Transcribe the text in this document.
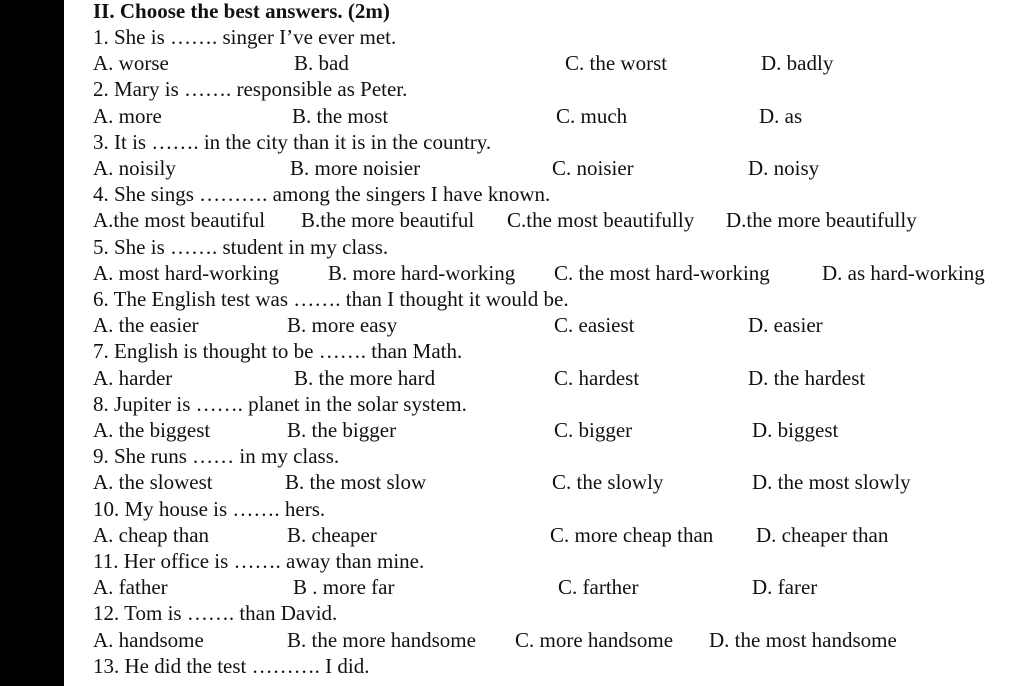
II. Choose the best answers. (2m)
1. She is ……. singer I’ve ever met.
A. worse	B. bad	C. the worst	D. badly
2. Mary is ……. responsible as Peter.
A. more	B. the most	C. much	D. as
3. It is ……. in the city than it is in the country.
A. noisily	B. more noisier	C. noisier	D. noisy
4. She sings ………. among the singers I have known.
A.the most beautiful B.the more beautiful C.the most beautifully D.the more beautifully
5. She is ……. student in my class.
A. most hard-working B. more hard-working C. the most hard-working D. as hard-working
6. The English test was ……. than I thought it would be.
A. the easier	B. more easy	C. easiest	D. easier
7. English is thought to be ……. than Math.
A. harder	B. the more hard	C. hardest	D. the hardest
8. Jupiter is ……. planet in the solar system.
A. the biggest	B. the bigger	C. bigger	D. biggest
9. She runs …… in my class.
A. the slowest	B. the most slow	C. the slowly	D. the most slowly
10. My house is ……. hers.
A. cheap than	B. cheaper	C. more cheap than D. cheaper than
11. Her office is ……. away than mine.
A. father	B . more far	C. farther	D. farer
12. Tom is ……. than David.
A. handsome	B. the more handsome C. more handsome D. the most handsome
13. He did the test ………. I did.
